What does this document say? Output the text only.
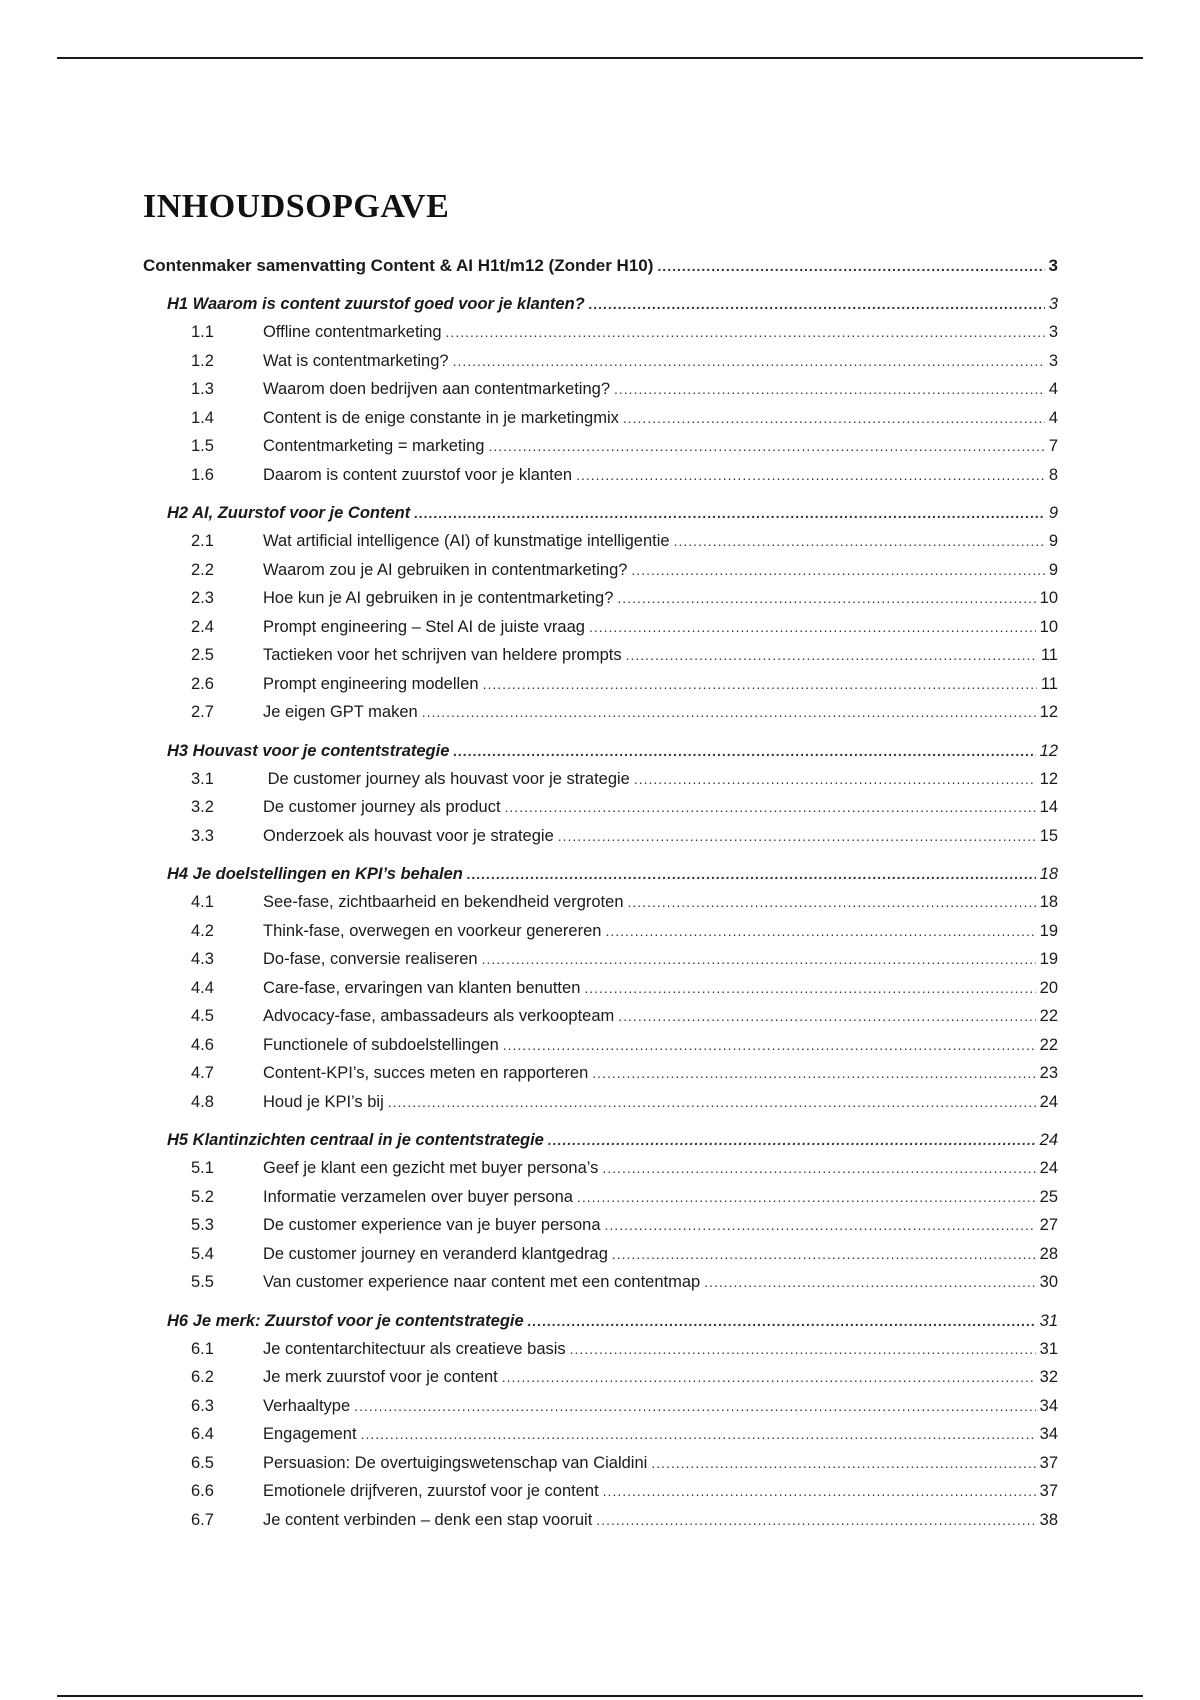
INHOUDSOPGAVE
Contenmaker samenvatting Content & AI H1t/m12 (Zonder H10) .....	3
H1 Waarom is content zuurstof goed voor je klanten? .....	3
1.1	Offline contentmarketing .....	3
1.2	Wat is contentmarketing? .....	3
1.3	Waarom doen bedrijven aan contentmarketing? .....	4
1.4	Content is de enige constante in je marketingmix .....	4
1.5	Contentmarketing = marketing .....	7
1.6	Daarom is content zuurstof voor je klanten .....	8
H2 AI, Zuurstof voor je Content .....	9
2.1	Wat artificial intelligence (AI) of kunstmatige intelligentie .....	9
2.2	Waarom zou je AI gebruiken in contentmarketing? .....	9
2.3	Hoe kun je AI gebruiken in je contentmarketing? .....	10
2.4	Prompt engineering – Stel AI de juiste vraag .....	10
2.5	Tactieken voor het schrijven van heldere prompts .....	11
2.6	Prompt engineering modellen .....	11
2.7	Je eigen GPT maken .....	12
H3 Houvast voor je contentstrategie .....	12
3.1	De customer journey als houvast voor je strategie .....	12
3.2	De customer journey als product .....	14
3.3	Onderzoek als houvast voor je strategie .....	15
H4 Je doelstellingen en KPI’s behalen .....	18
4.1	See-fase, zichtbaarheid en bekendheid vergroten .....	18
4.2	Think-fase, overwegen en voorkeur genereren .....	19
4.3	Do-fase, conversie realiseren .....	19
4.4	Care-fase, ervaringen van klanten benutten .....	20
4.5	Advocacy-fase, ambassadeurs als verkoopteam .....	22
4.6	Functionele of subdoelstellingen .....	22
4.7	Content-KPI’s, succes meten en rapporteren .....	23
4.8	Houd je KPI’s bij .....	24
H5 Klantinzichten centraal in je contentstrategie .....	24
5.1	Geef je klant een gezicht met buyer persona’s .....	24
5.2	Informatie verzamelen over buyer persona .....	25
5.3	De customer experience van je buyer persona .....	27
5.4	De customer journey en veranderd klantgedrag .....	28
5.5	Van customer experience naar content met een contentmap .....	30
H6 Je merk: Zuurstof voor je contentstrategie .....	31
6.1	Je contentarchitectuur als creatieve basis .....	31
6.2	Je merk zuurstof voor je content .....	32
6.3	Verhaaltype .....	34
6.4	Engagement .....	34
6.5	Persuasion: De overtuigingswetenschap van Cialdini .....	37
6.6	Emotionele drijfveren, zuurstof voor je content .....	37
6.7	Je content verbinden – denk een stap vooruit .....	38
